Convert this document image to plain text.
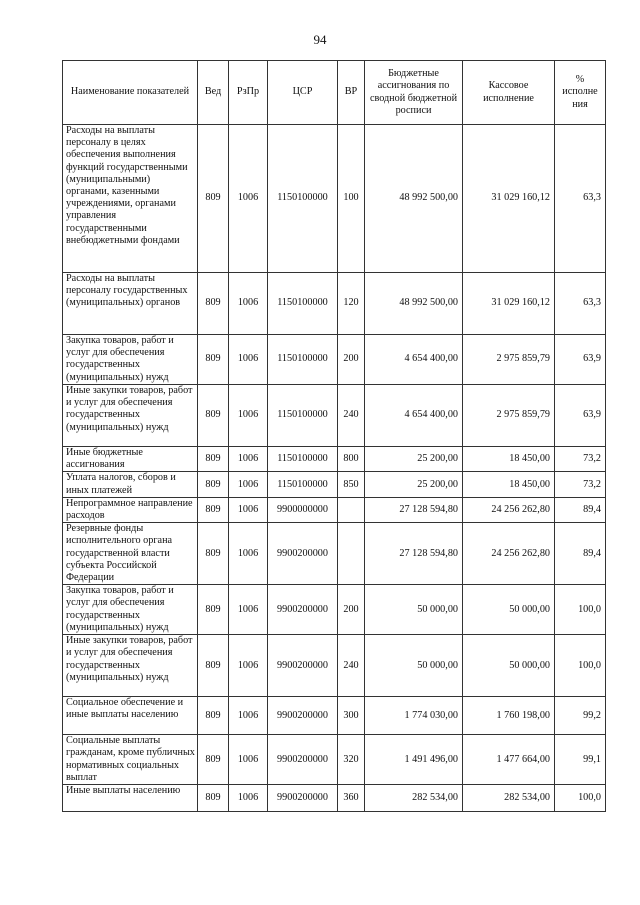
94
Наименование показателей	Вед	РзПр	ЦСР	ВР	Бюджетные ассигнования по сводной бюджетной росписи	Кассовое исполнение	% исполне ния
Расходы на выплаты персоналу в целях обеспечения выполнения функций государственными (муниципальными) органами, казенными учреждениями, органами управления государственными внебюджетными фондами	809	1006	1150100000	100	48 992 500,00	31 029 160,12	63,3
Расходы на выплаты персоналу государственных (муниципальных) органов	809	1006	1150100000	120	48 992 500,00	31 029 160,12	63,3
Закупка товаров, работ и услуг для обеспечения государственных (муниципальных) нужд	809	1006	1150100000	200	4 654 400,00	2 975 859,79	63,9
Иные закупки товаров, работ и услуг для обеспечения государственных (муниципальных) нужд	809	1006	1150100000	240	4 654 400,00	2 975 859,79	63,9
Иные бюджетные ассигнования	809	1006	1150100000	800	25 200,00	18 450,00	73,2
Уплата налогов, сборов и иных платежей	809	1006	1150100000	850	25 200,00	18 450,00	73,2
Непрограммное направление расходов	809	1006	9900000000		27 128 594,80	24 256 262,80	89,4
Резервные фонды исполнительного органа государственной власти субъекта Российской Федерации	809	1006	9900200000		27 128 594,80	24 256 262,80	89,4
Закупка товаров, работ и услуг для обеспечения государственных (муниципальных) нужд	809	1006	9900200000	200	50 000,00	50 000,00	100,0
Иные закупки товаров, работ и услуг для обеспечения государственных (муниципальных) нужд	809	1006	9900200000	240	50 000,00	50 000,00	100,0
Социальное обеспечение и иные выплаты населению	809	1006	9900200000	300	1 774 030,00	1 760 198,00	99,2
Социальные выплаты гражданам, кроме публичных нормативных социальных выплат	809	1006	9900200000	320	1 491 496,00	1 477 664,00	99,1
Иные выплаты населению	809	1006	9900200000	360	282 534,00	282 534,00	100,0
